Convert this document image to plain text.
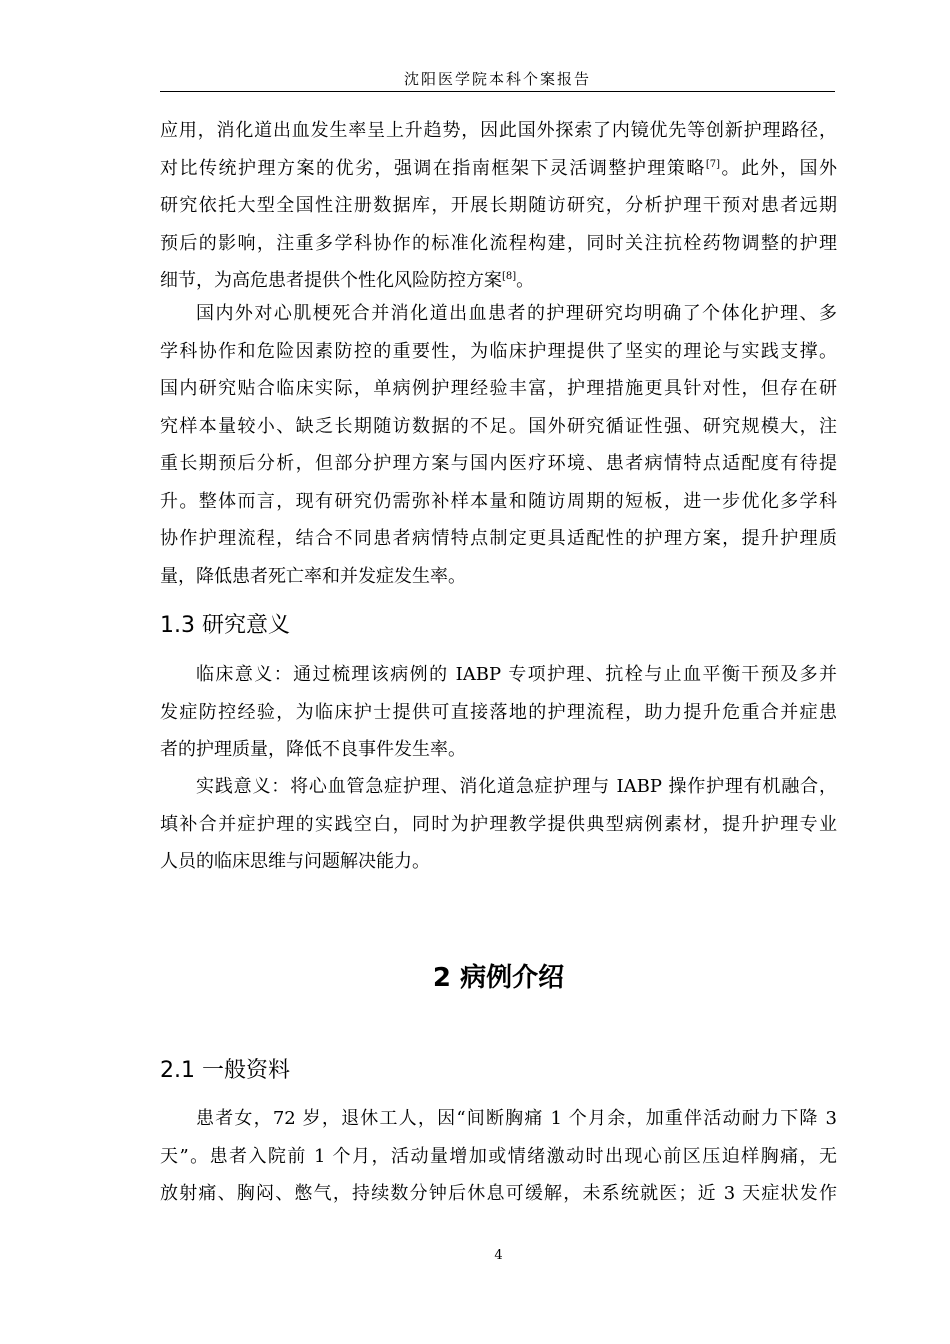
沈阳医学院本科个案报告
应用，消化道出血发生率呈上升趋势，因此国外探索了内镜优先等创新护理路径，
对比传统护理方案的优劣，强调在指南框架下灵活调整护理策略[7]。此外，国外
研究依托大型全国性注册数据库，开展长期随访研究，分析护理干预对患者远期
预后的影响，注重多学科协作的标准化流程构建，同时关注抗栓药物调整的护理
细节，为高危患者提供个性化风险防控方案[8]。
国内外对心肌梗死合并消化道出血患者的护理研究均明确了个体化护理、多
学科协作和危险因素防控的重要性，为临床护理提供了坚实的理论与实践支撑。
国内研究贴合临床实际，单病例护理经验丰富，护理措施更具针对性，但存在研
究样本量较小、缺乏长期随访数据的不足。国外研究循证性强、研究规模大，注
重长期预后分析，但部分护理方案与国内医疗环境、患者病情特点适配度有待提
升。整体而言，现有研究仍需弥补样本量和随访周期的短板，进一步优化多学科
协作护理流程，结合不同患者病情特点制定更具适配性的护理方案，提升护理质
量，降低患者死亡率和并发症发生率。
1.3 研究意义
临床意义：通过梳理该病例的 IABP 专项护理、抗栓与止血平衡干预及多并
发症防控经验，为临床护士提供可直接落地的护理流程，助力提升危重合并症患
者的护理质量，降低不良事件发生率。
实践意义：将心血管急症护理、消化道急症护理与 IABP 操作护理有机融合，
填补合并症护理的实践空白，同时为护理教学提供典型病例素材，提升护理专业
人员的临床思维与问题解决能力。
2 病例介绍
2.1 一般资料
患者女，72 岁，退休工人，因“间断胸痛 1 个月余，加重伴活动耐力下降 3
天”。患者入院前 1 个月，活动量增加或情绪激动时出现心前区压迫样胸痛，无
放射痛、胸闷、憋气，持续数分钟后休息可缓解，未系统就医；近 3 天症状发作
4
